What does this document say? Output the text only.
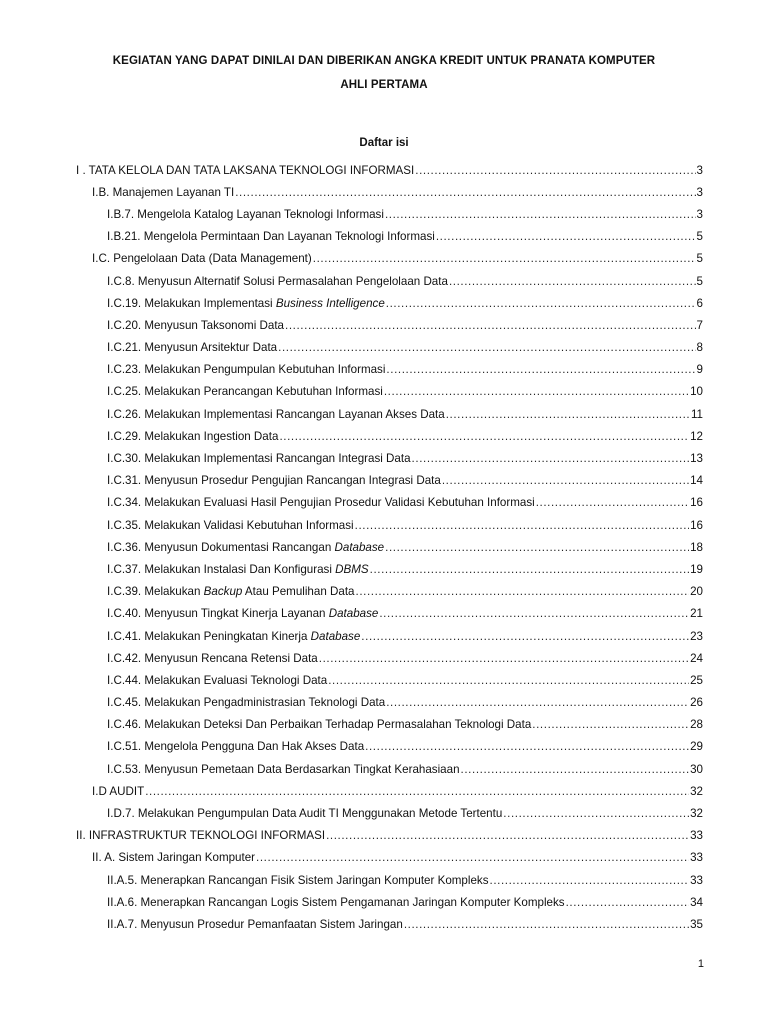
KEGIATAN YANG DAPAT DINILAI DAN DIBERIKAN ANGKA KREDIT UNTUK PRANATA KOMPUTER
AHLI PERTAMA
Daftar isi
I . TATA KELOLA DAN TATA LAKSANA TEKNOLOGI INFORMASI .....	3
I.B. Manajemen Layanan TI .....	3
I.B.7. Mengelola Katalog Layanan Teknologi Informasi .....	3
I.B.21. Mengelola Permintaan Dan Layanan Teknologi Informasi .....	5
I.C. Pengelolaan Data (Data Management) .....	5
I.C.8. Menyusun Alternatif Solusi Permasalahan Pengelolaan Data .....	5
I.C.19. Melakukan Implementasi Business Intelligence .....	6
I.C.20. Menyusun Taksonomi Data .....	7
I.C.21. Menyusun Arsitektur Data .....	8
I.C.23. Melakukan Pengumpulan Kebutuhan Informasi .....	9
I.C.25. Melakukan Perancangan Kebutuhan Informasi .....	10
I.C.26. Melakukan Implementasi Rancangan Layanan Akses Data .....	11
I.C.29. Melakukan Ingestion Data .....	12
I.C.30. Melakukan Implementasi Rancangan Integrasi Data .....	13
I.C.31. Menyusun Prosedur Pengujian Rancangan Integrasi Data .....	14
I.C.34. Melakukan Evaluasi Hasil Pengujian Prosedur Validasi Kebutuhan Informasi .....	16
I.C.35. Melakukan Validasi Kebutuhan Informasi .....	16
I.C.36. Menyusun Dokumentasi Rancangan Database .....	18
I.C.37. Melakukan Instalasi Dan Konfigurasi DBMS .....	19
I.C.39. Melakukan Backup Atau Pemulihan Data .....	20
I.C.40. Menyusun Tingkat Kinerja Layanan Database .....	21
I.C.41. Melakukan Peningkatan Kinerja Database .....	23
I.C.42. Menyusun Rencana Retensi Data .....	24
I.C.44. Melakukan Evaluasi Teknologi Data .....	25
I.C.45. Melakukan Pengadministrasian Teknologi Data .....	26
I.C.46. Melakukan Deteksi Dan Perbaikan Terhadap Permasalahan Teknologi Data .....	28
I.C.51. Mengelola Pengguna Dan Hak Akses Data .....	29
I.C.53. Menyusun Pemetaan Data Berdasarkan Tingkat Kerahasiaan .....	30
I.D AUDIT .....	32
I.D.7. Melakukan Pengumpulan Data Audit TI Menggunakan Metode Tertentu .....	32
II. INFRASTRUKTUR TEKNOLOGI INFORMASI .....	33
II. A. Sistem Jaringan Komputer .....	33
II.A.5. Menerapkan Rancangan Fisik Sistem Jaringan Komputer Kompleks .....	33
II.A.6. Menerapkan Rancangan Logis Sistem Pengamanan Jaringan Komputer Kompleks .....	34
II.A.7. Menyusun Prosedur Pemanfaatan Sistem Jaringan .....	35
1
